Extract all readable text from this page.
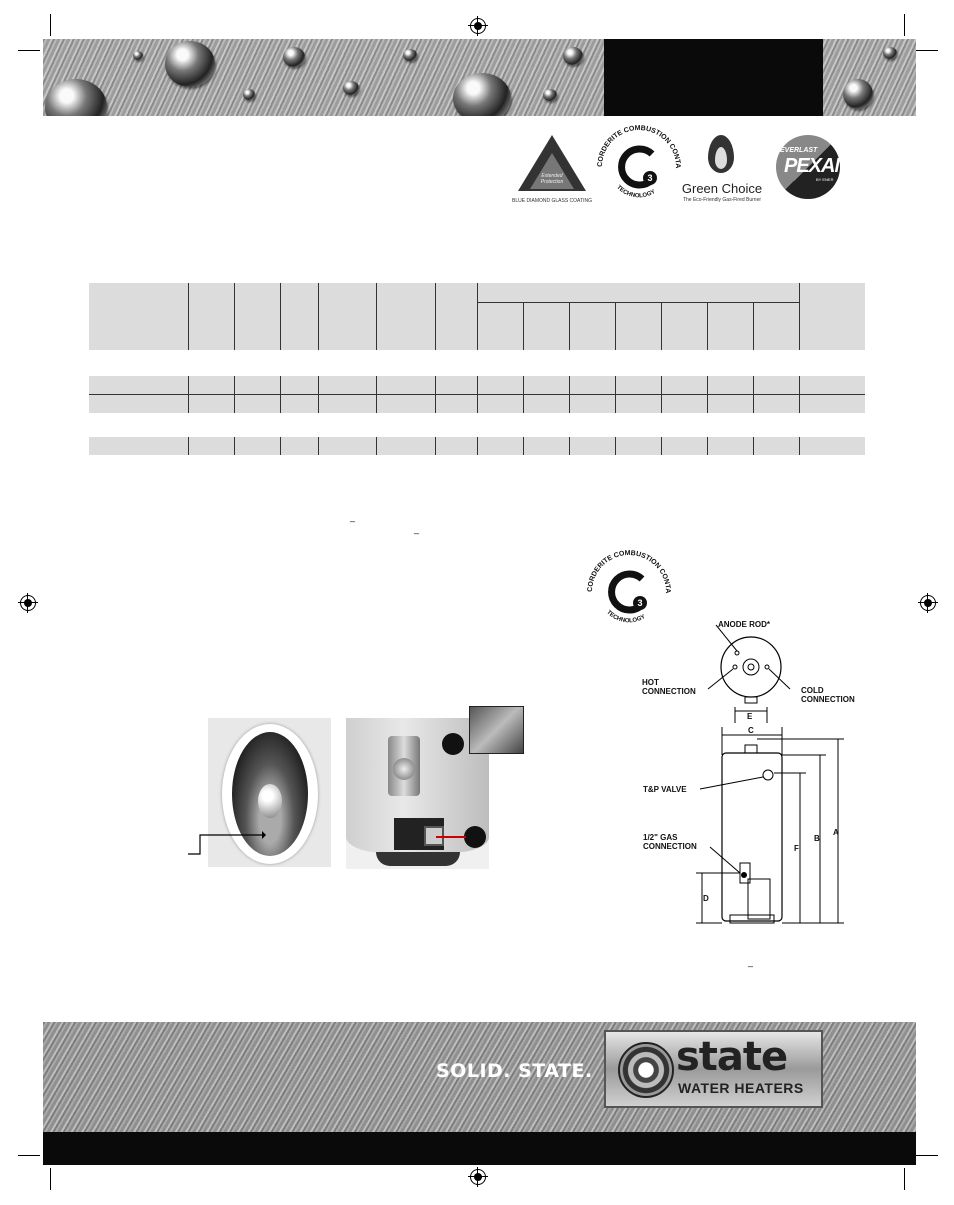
Extended Protection
BLUE DIAMOND GLASS COATING
CORDERITE COMBUSTION CONTA
TECHNOLOGY
3
Green Choice
The Eco-Friendly Gas-Fired Burner
EVERLAST
PEXAN
BY ENER
_
_
_
CORDERITE COMBUSTION CONTA
TECHNOLOGY
3
ANODE ROD*
HOT
CONNECTION	COLD
CONNECTION
E
C
T&P VALVE
1/2" GAS
CONNECTION	F
B
A
D
SOLID. STATE. state
WATER HEATERS
